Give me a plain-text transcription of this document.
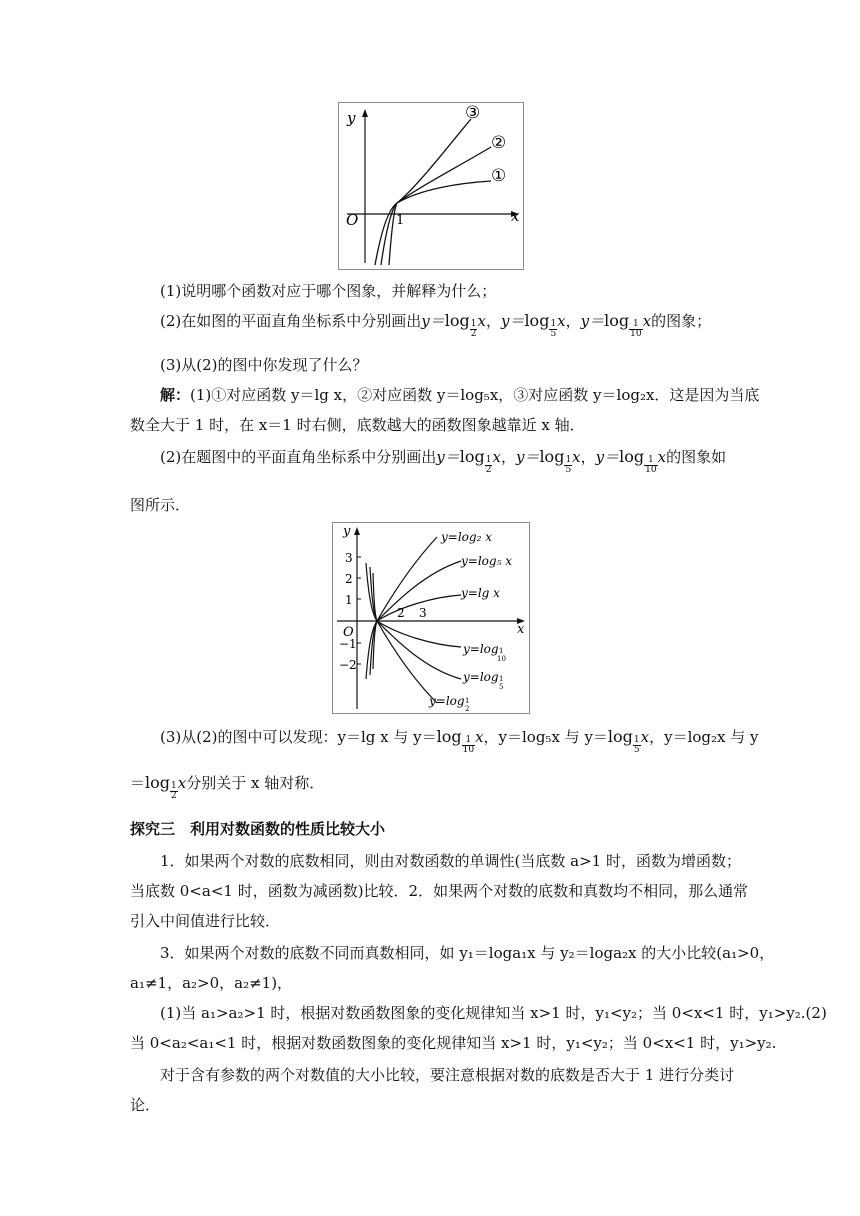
y
x
O	1
③
②
①
(1)说明哪个函数对应于哪个图象，并解释为什么；
(2)在如图的平面直角坐标系中分别画出$y=\log \frac{1}{2}$ x，$y=\log \frac{1}{5}$ x，$y=\log \frac{1}{10}$ x的图象；
(3)从(2)的图中你发现了什么？
解：(1)①对应函数 y＝lg x，②对应函数 y＝log₅x，③对应函数 y＝log₂x．这是因为当底
数全大于 1 时，在 x＝1 时右侧，底数越大的函数图象越靠近 x 轴．
(2)在题图中的平面直角坐标系中分别画出$y=\log \frac{1}{2}$ x，$y=\log \frac{1}{5}$ x，$y=\log \frac{1}{10}$ x的图象如
图所示．
y
x
O
3
2
1
−1
−2
2 3
y=log₂ x
y=log₅ x
y=lg x
y=log 1
10
y=log 1
5
y=log 1
2
(3)从(2)的图中可以发现：y＝lg x 与 $y=\log \frac{1}{10}$ x，y＝log₅x 与 $y=\log \frac{1}{5}$ x，y＝log₂x 与 y
$=\log \frac{1}{2}$ x分别关于 x 轴对称．
探究三　利用对数函数的性质比较大小
1．如果两个对数的底数相同，则由对数函数的单调性(当底数 a>1 时，函数为增函数；
当底数 0<a<1 时，函数为减函数)比较．2．如果两个对数的底数和真数均不相同，那么通常
引入中间值进行比较．
3．如果两个对数的底数不同而真数相同，如 y₁＝loga₁x 与 y₂＝loga₂x 的大小比较(a₁>0，
a₁≠1，a₂>0，a₂≠1)，
(1)当 a₁>a₂>1 时，根据对数函数图象的变化规律知当 x>1 时，y₁<y₂；当 0<x<1 时，y₁>y₂.(2)
当 0<a₂<a₁<1 时，根据对数函数图象的变化规律知当 x>1 时，y₁<y₂；当 0<x<1 时，y₁>y₂.
对于含有参数的两个对数值的大小比较，要注意根据对数的底数是否大于 1 进行分类讨
论．
